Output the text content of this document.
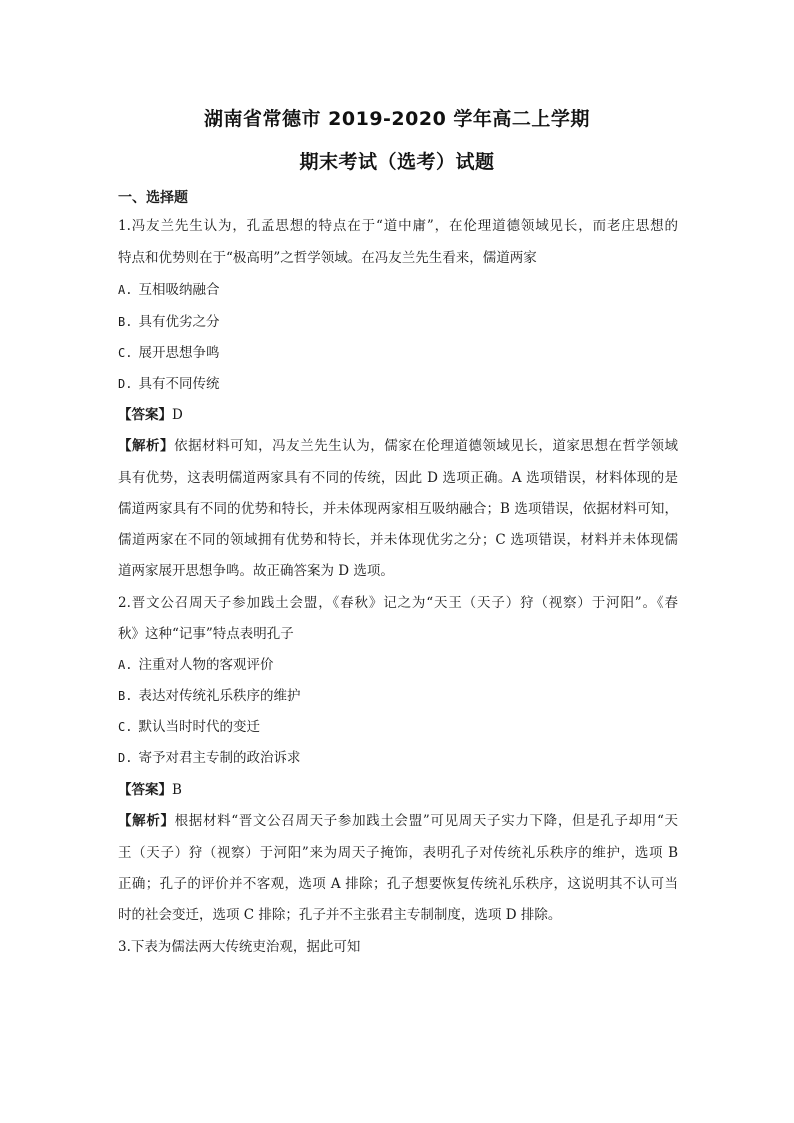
湖南省常德市 2019-2020 学年高二上学期
期末考试（选考）试题
一、选择题
1.冯友兰先生认为，孔孟思想的特点在于“道中庸”，在伦理道德领域见长，而老庄思想的
特点和优势则在于“极高明”之哲学领域。在冯友兰先生看来，儒道两家
A. 互相吸纳融合
B. 具有优劣之分
C. 展开思想争鸣
D. 具有不同传统
【答案】D
【解析】依据材料可知，冯友兰先生认为，儒家在伦理道德领域见长，道家思想在哲学领域
具有优势，这表明儒道两家具有不同的传统，因此 D 选项正确。A 选项错误，材料体现的是
儒道两家具有不同的优势和特长，并未体现两家相互吸纳融合；B 选项错误，依据材料可知，
儒道两家在不同的领域拥有优势和特长，并未体现优劣之分；C 选项错误，材料并未体现儒
道两家展开思想争鸣。故正确答案为 D 选项。
2.晋文公召周天子参加践土会盟，《春秋》记之为“天王（天子）狩（视察）于河阳”。《春
秋》这种“记事”特点表明孔子
A. 注重对人物的客观评价
B. 表达对传统礼乐秩序的维护
C. 默认当时时代的变迁
D. 寄予对君主专制的政治诉求
【答案】B
【解析】根据材料“晋文公召周天子参加践土会盟”可见周天子实力下降，但是孔子却用“天
王（天子）狩（视察）于河阳”来为周天子掩饰，表明孔子对传统礼乐秩序的维护，选项 B
正确；孔子的评价并不客观，选项 A 排除；孔子想要恢复传统礼乐秩序，这说明其不认可当
时的社会变迁，选项 C 排除；孔子并不主张君主专制制度，选项 D 排除。
3.下表为儒法两大传统吏治观，据此可知
